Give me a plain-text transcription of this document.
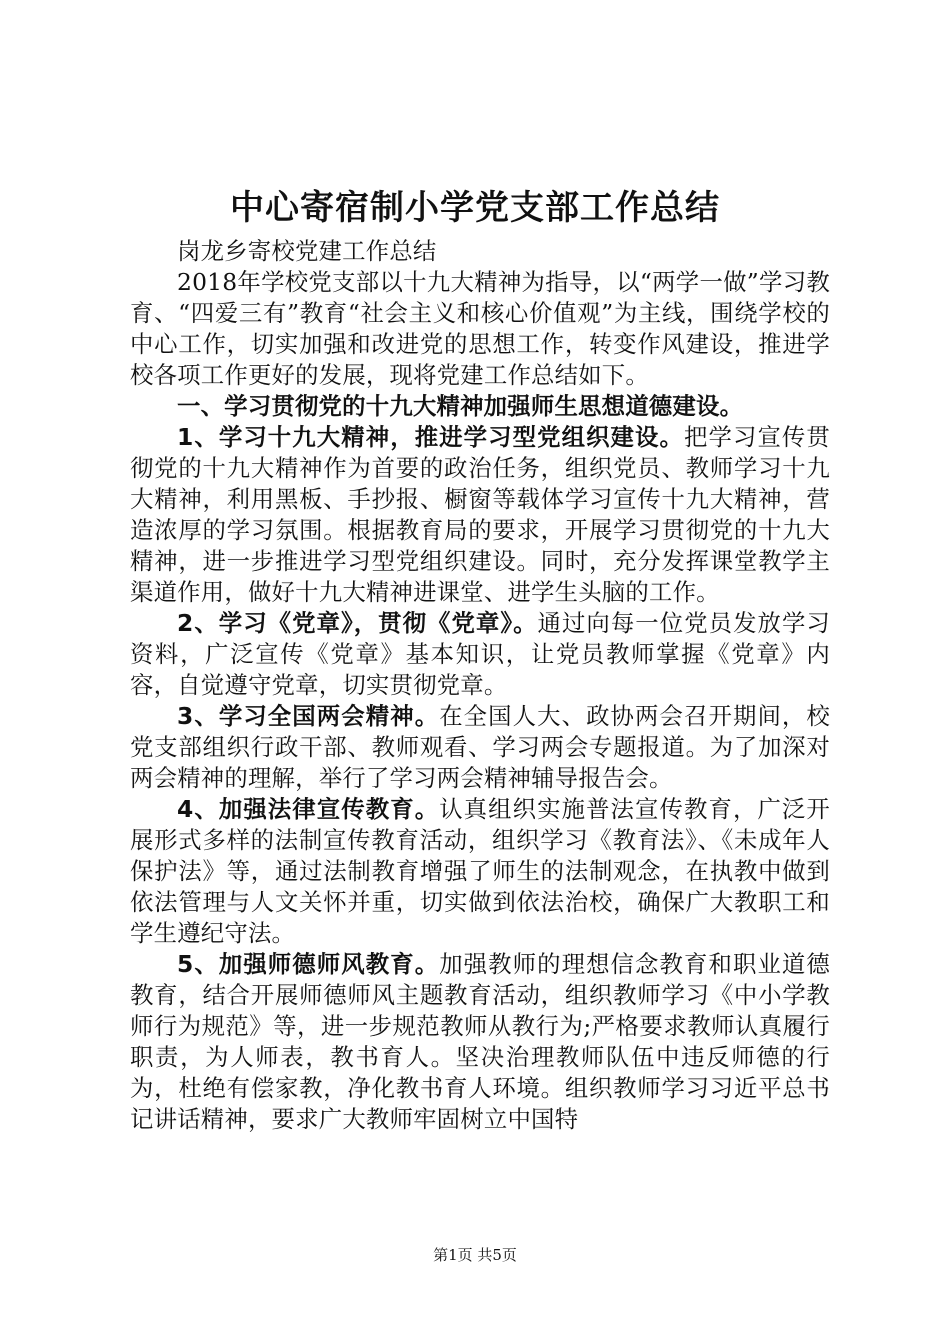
中心寄宿制小学党支部工作总结

岗龙乡寄校党建工作总结

2018年学校党支部以十九大精神为指导，以“两学一做”学习教育、“四爱三有”教育“社会主义和核心价值观”为主线，围绕学校的中心工作，切实加强和改进党的思想工作，转变作风建设，推进学校各项工作更好的发展，现将党建工作总结如下。

一、学习贯彻党的十九大精神加强师生思想道德建设。

1、学习十九大精神，推进学习型党组织建设。把学习宣传贯彻党的十九大精神作为首要的政治任务，组织党员、教师学习十九大精神，利用黑板、手抄报、橱窗等载体学习宣传十九大精神，营造浓厚的学习氛围。根据教育局的要求，开展学习贯彻党的十九大精神，进一步推进学习型党组织建设。同时，充分发挥课堂教学主渠道作用，做好十九大精神进课堂、进学生头脑的工作。

2、学习《党章》，贯彻《党章》。通过向每一位党员发放学习资料，广泛宣传《党章》基本知识，让党员教师掌握《党章》内容，自觉遵守党章，切实贯彻党章。

3、学习全国两会精神。在全国人大、政协两会召开期间，校党支部组织行政干部、教师观看、学习两会专题报道。为了加深对两会精神的理解，举行了学习两会精神辅导报告会。

4、加强法律宣传教育。认真组织实施普法宣传教育，广泛开展形式多样的法制宣传教育活动，组织学习《教育法》、《未成年人保护法》等，通过法制教育增强了师生的法制观念，在执教中做到依法管理与人文关怀并重，切实做到依法治校，确保广大教职工和学生遵纪守法。

5、加强师德师风教育。加强教师的理想信念教育和职业道德教育，结合开展师德师风主题教育活动，组织教师学习《中小学教师行为规范》等，进一步规范教师从教行为;严格要求教师认真履行职责，为人师表，教书育人。坚决治理教师队伍中违反师德的行为，杜绝有偿家教，净化教书育人环境。组织教师学习习近平总书记讲话精神，要求广大教师牢固树立中国特

第1页 共5页
